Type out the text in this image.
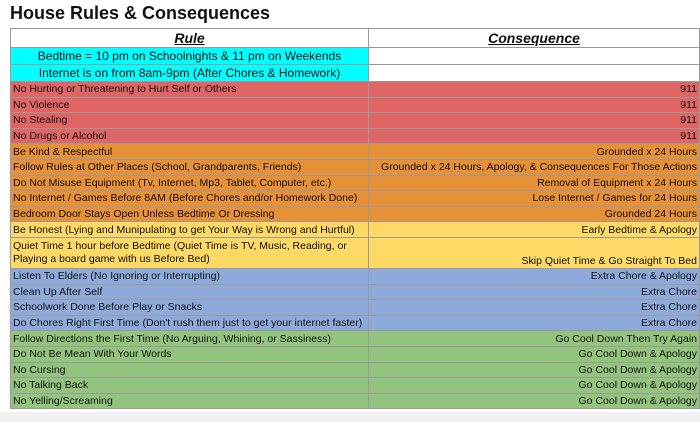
House Rules & Consequences
Rule	Consequence
Bedtime = 10 pm on Schoolnights & 11 pm on Weekends	
Internet is on from 8am-9pm (After Chores & Homework)	
No Hurting or Threatening to Hurt Self or Others	911
No Violence	911
No Stealing	911
No Drugs or Alcohol	911
Be Kind & Respectful	Grounded x 24 Hours
Follow Rules at Other Places (School, Grandparents, Friends)	Grounded x 24 Hours, Apology, & Consequences For Those Actions
Do Not Misuse Equipment (Tv, Internet, Mp3, Tablet, Computer, etc.)	Removal of Equipment x 24 Hours
No Internet / Games Before 8AM (Before Chores and/or Homework Done)	Lose Internet / Games for 24 Hours
Bedroom Door Stays Open Unless Bedtime Or Dressing	Grounded 24 Hours
Be Honest (Lying and Munipulating to get Your Way is Wrong and Hurtful)	Early Bedtime & Apology
Quiet Time 1 hour before Bedtime (Quiet Time is TV, Music, Reading, or Playing a board game with us Before Bed)	Skip Quiet Time & Go Straight To Bed
Listen To Elders (No Ignoring or Interrupting)	Extra Chore & Apology
Clean Up After Self	Extra Chore
Schoolwork Done Before Play or Snacks	Extra Chore
Do Chores Right First Time (Don't rush them just to get your internet faster)	Extra Chore
Follow Directions the First Time (No Arguing, Whining, or Sassiness)	Go Cool Down Then Try Again
Do Not Be Mean With Your Words	Go Cool Down & Apology
No Cursing	Go Cool Down & Apology
No Talking Back	Go Cool Down & Apology
No Yelling/Screaming	Go Cool Down & Apology
